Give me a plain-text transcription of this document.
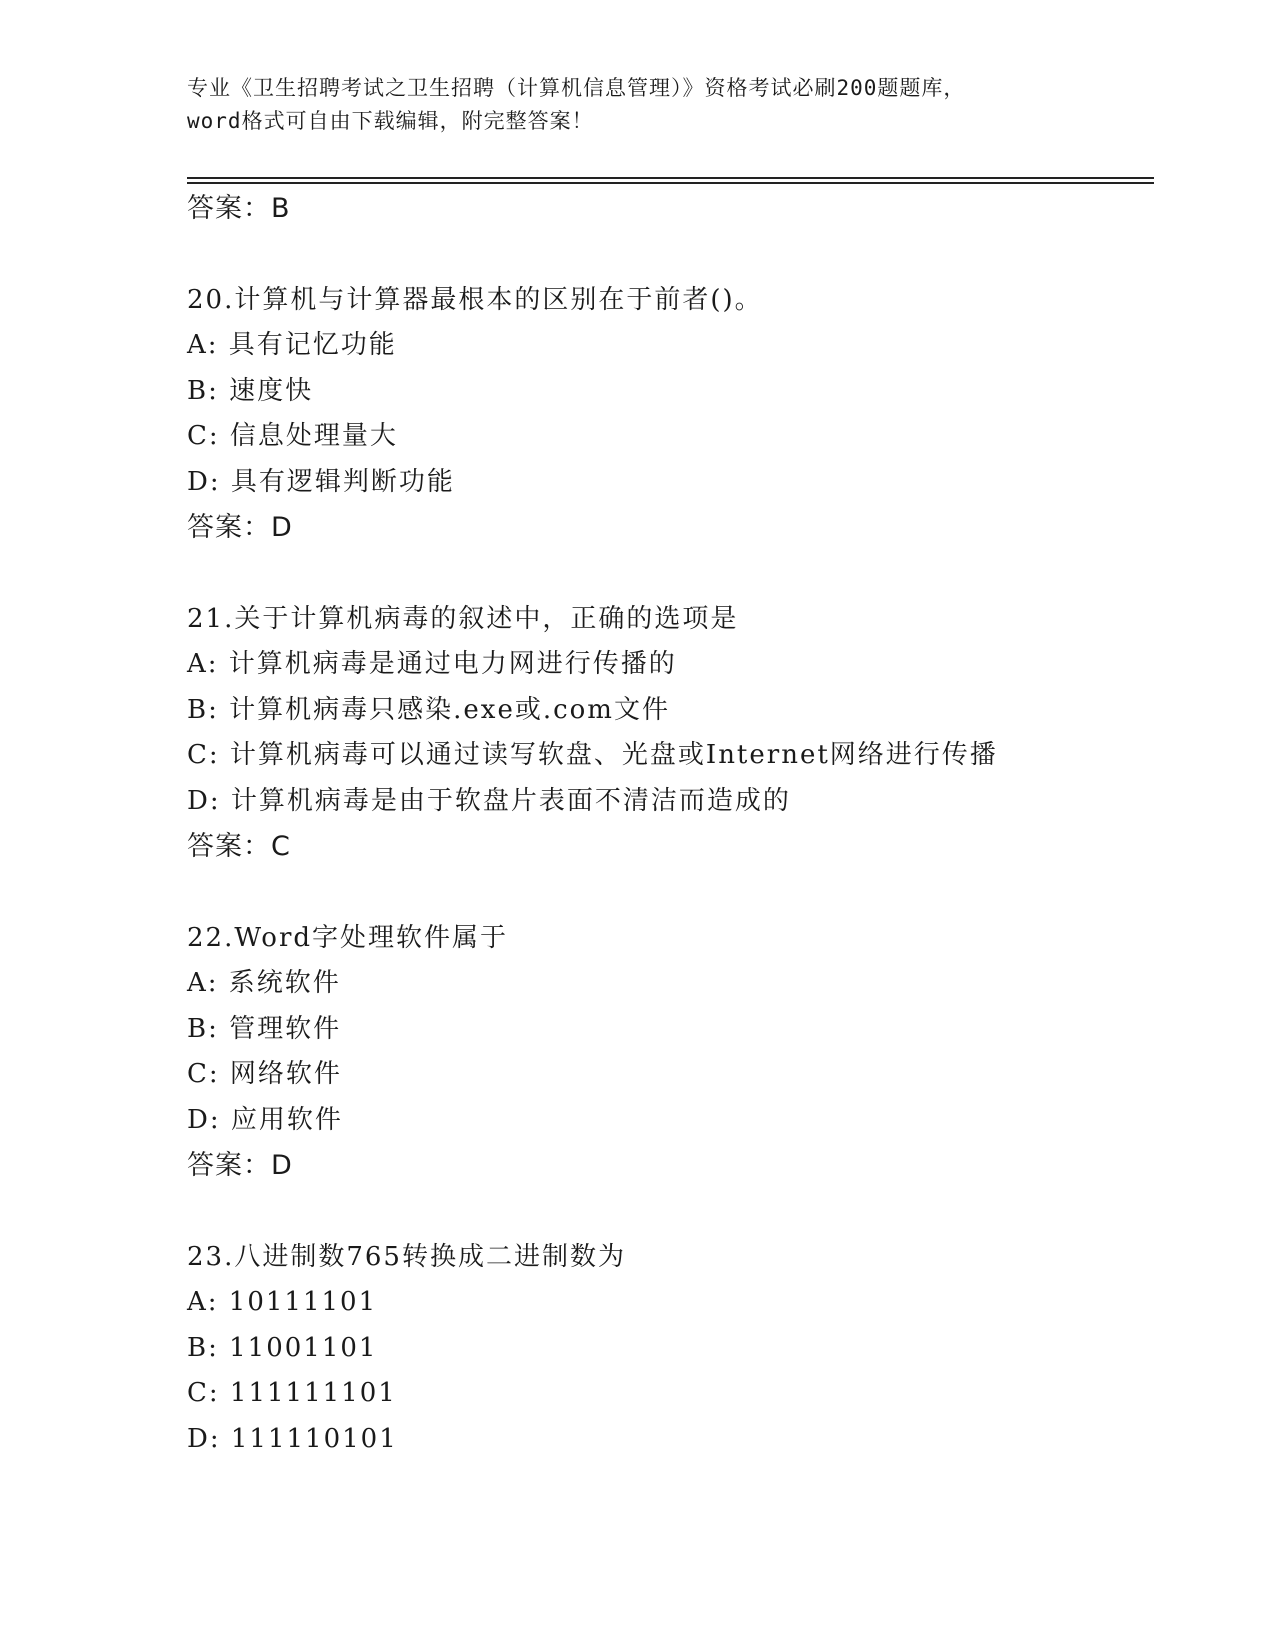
专业《卫生招聘考试之卫生招聘（计算机信息管理）》资格考试必刷200题题库，
word格式可自由下载编辑，附完整答案！
答案：B
20.计算机与计算器最根本的区别在于前者()。
A: 具有记忆功能
B: 速度快
C: 信息处理量大
D: 具有逻辑判断功能
答案：D
21.关于计算机病毒的叙述中，正确的选项是
A: 计算机病毒是通过电力网进行传播的
B: 计算机病毒只感染.exe或.com文件
C: 计算机病毒可以通过读写软盘、光盘或Internet网络进行传播
D: 计算机病毒是由于软盘片表面不清洁而造成的
答案：C
22.Word字处理软件属于
A: 系统软件
B: 管理软件
C: 网络软件
D: 应用软件
答案：D
23.八进制数765转换成二进制数为
A: 10111101
B: 11001101
C: 111111101
D: 111110101
